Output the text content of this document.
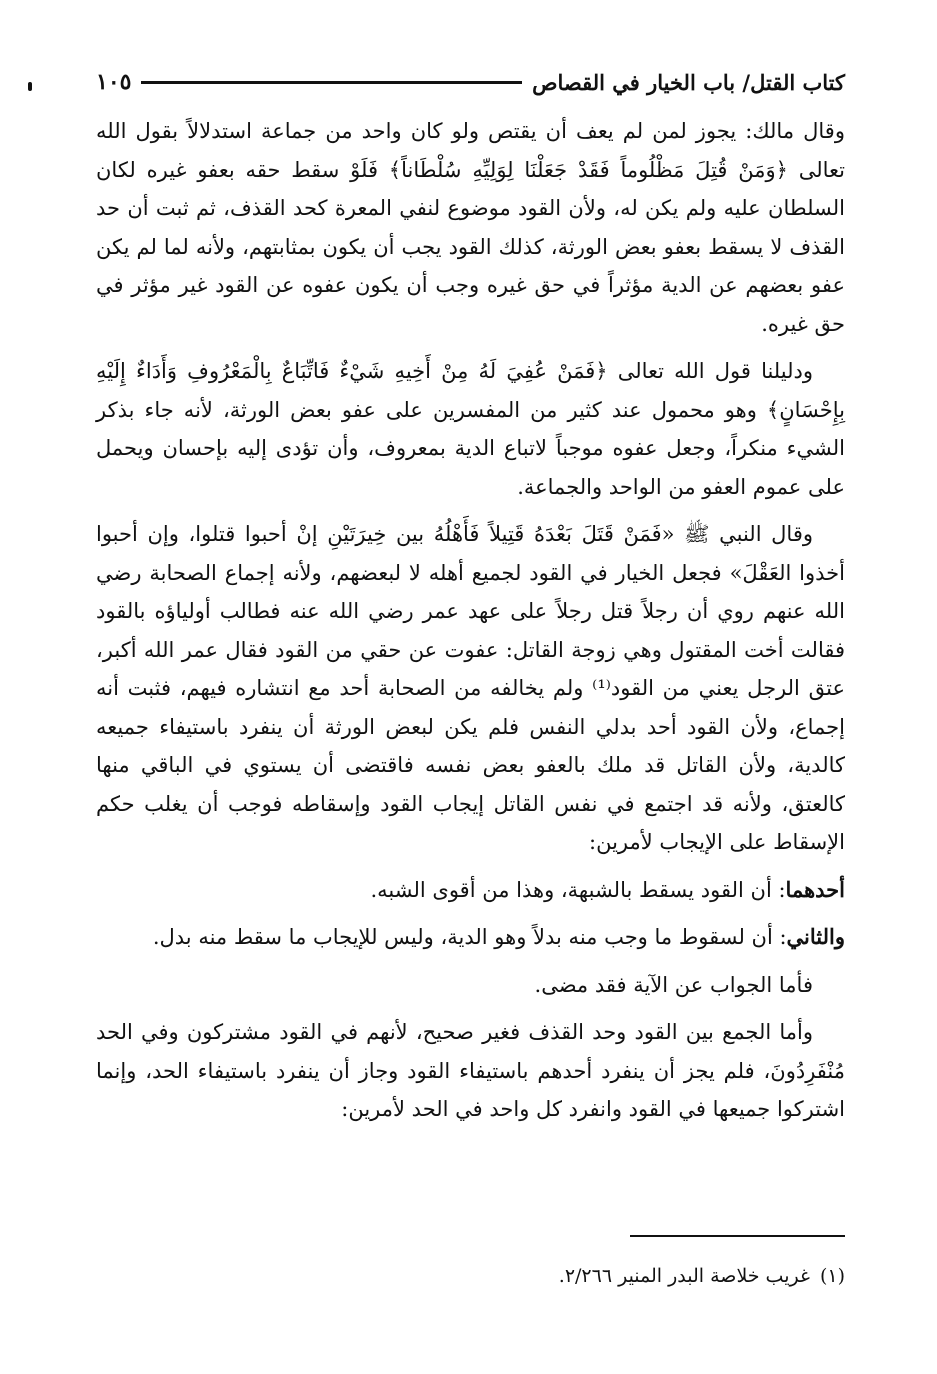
كتاب القتل/ باب الخيار في القصاص
١٠٥

وقال مالك: يجوز لمن لم يعف أن يقتص ولو كان واحد من جماعة استدلالاً بقول الله تعالى ﴿وَمَنْ قُتِلَ مَظْلُوماً فَقَدْ جَعَلْنَا لِوَلِيِّهِ سُلْطَاناً﴾ فَلَوْ سقط حقه بعفو غيره لكان السلطان عليه ولم يكن له، ولأن القود موضوع لنفي المعرة كحد القذف، ثم ثبت أن حد القذف لا يسقط بعفو بعض الورثة، كذلك القود يجب أن يكون بمثابتهم، ولأنه لما لم يكن عفو بعضهم عن الدية مؤثراً في حق غيره وجب أن يكون عفوه عن القود غير مؤثر في حق غيره.

ودليلنا قول الله تعالى ﴿فَمَنْ عُفِيَ لَهُ مِنْ أَخِيهِ شَيْءٌ فَاتِّبَاعٌ بِالْمَعْرُوفِ وَأَدَاءٌ إِلَيْهِ بِإِحْسَانٍ﴾ وهو محمول عند كثير من المفسرين على عفو بعض الورثة، لأنه جاء بذكر الشيء منكراً، وجعل عفوه موجباً لاتباع الدية بمعروف، وأن تؤدى إليه بإحسان ويحمل على عموم العفو من الواحد والجماعة.

وقال النبي ﷺ «فَمَنْ قَتَلَ بَعْدَهُ قَتِيلاً فَأَهْلُهُ بين خِيرَتَيْنِ إنْ أحبوا قتلوا، وإن أحبوا أخذوا العَقْلَ» فجعل الخيار في القود لجميع أهله لا لبعضهم، ولأنه إجماع الصحابة رضي الله عنهم روي أن رجلاً قتل رجلاً على عهد عمر رضي الله عنه فطالب أولياؤه بالقود فقالت أخت المقتول وهي زوجة القاتل: عفوت عن حقي من القود فقال عمر الله أكبر، عتق الرجل يعني من القود⁽¹⁾ ولم يخالفه من الصحابة أحد مع انتشاره فيهم، فثبت أنه إجماع، ولأن القود أحد بدلي النفس فلم يكن لبعض الورثة أن ينفرد باستيفاء جميعه كالدية، ولأن القاتل قد ملك بالعفو بعض نفسه فاقتضى أن يستوي في الباقي منها كالعتق، ولأنه قد اجتمع في نفس القاتل إيجاب القود وإسقاطه فوجب أن يغلب حكم الإسقاط على الإيجاب لأمرين:

أحدهما: أن القود يسقط بالشبهة، وهذا من أقوى الشبه.

والثاني: أن لسقوط ما وجب منه بدلاً وهو الدية، وليس للإيجاب ما سقط منه بدل.

فأما الجواب عن الآية فقد مضى.

وأما الجمع بين القود وحد القذف فغير صحيح، لأنهم في القود مشتركون وفي الحد مُنْفَرِدُونَ، فلم يجز أن ينفرد أحدهم باستيفاء القود وجاز أن ينفرد باستيفاء الحد، وإنما اشتركوا جميعها في القود وانفرد كل واحد في الحد لأمرين:

(١)غريب خلاصة البدر المنير ٢/٢٦٦.
